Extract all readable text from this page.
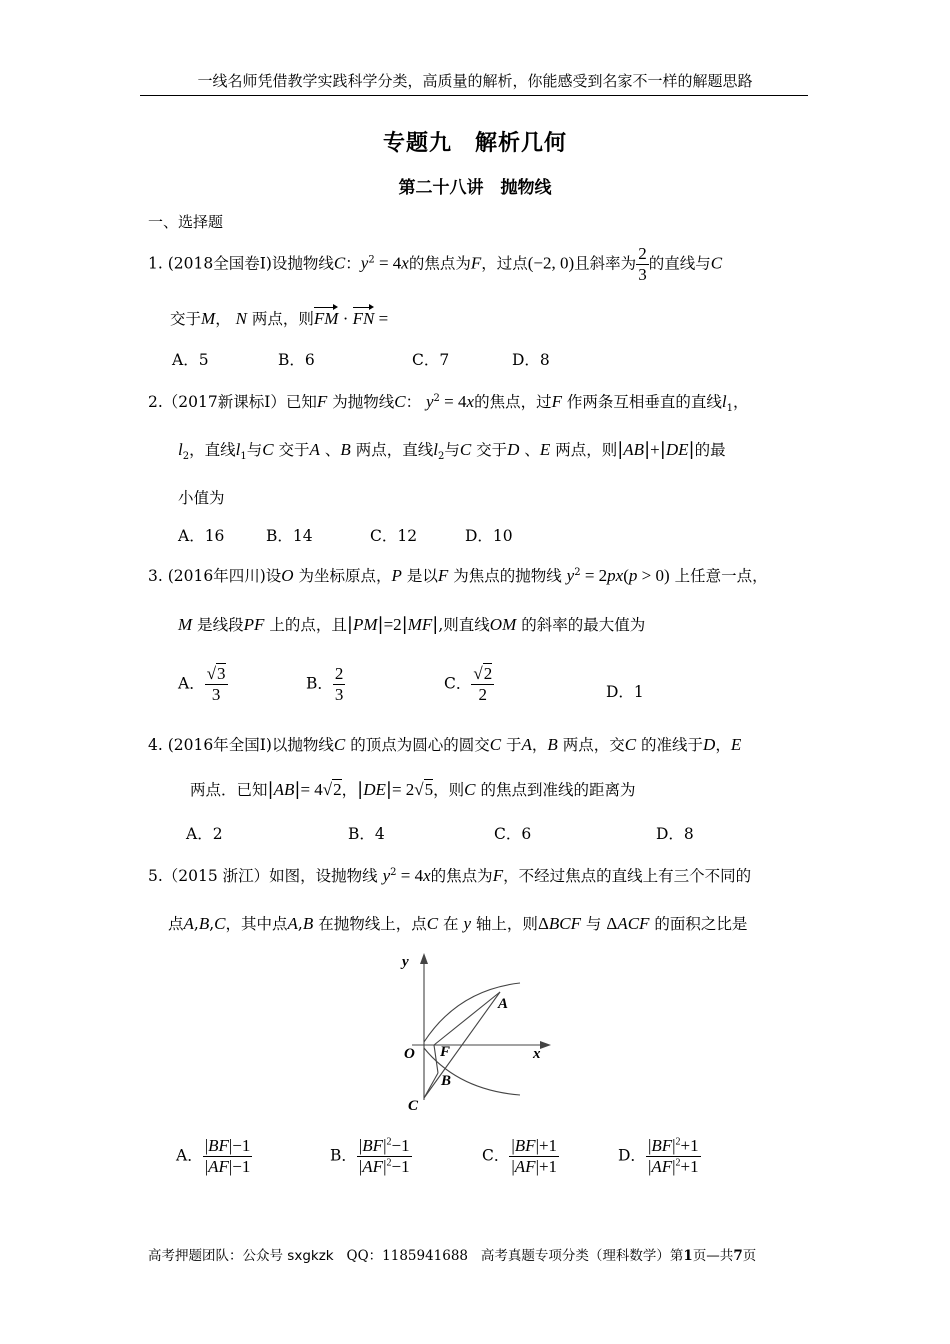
一线名师凭借教学实践科学分类，高质量的解析，你能感受到名家不一样的解题思路
专题九　解析几何
第二十八讲　抛物线
一、选择题
1. (2018全国卷Ⅰ)设抛物线C：$y^2 = 4x$的焦点为F，过点(−2, 0)且斜率为 $\frac{2}{3}$ 的直线与C
交于M， N 两点，则FM · FN =
A．5	B．6	C．7	D．8
2.（2017新课标Ⅰ）已知F 为抛物线C： $y^2 = 4x$的焦点，过F 作两条互相垂直的直线$l_1$，
$l_2$，直线$l_1$与C 交于A 、B 两点，直线$l_2$与C 交于D 、E 两点，则|AB|+|DE|的最
小值为
A．16	B．14	C．12	D．10
3. (2016年四川)设O 为坐标原点，P 是以F 为焦点的抛物线 $y^2 = 2px(p > 0)$ 上任意一点，
M 是线段PF 上的点，且|PM|=2|MF|,则直线OM 的斜率的最大值为
A． $\frac{√3}{3}$	B． $\frac{2}{3}$	C． $\frac{√2}{2}$	D．1
4. (2016年全国Ⅰ)以抛物线C 的顶点为圆心的圆交C 于A，B 两点，交C 的准线于D，E
两点．已知|AB|= 4√2，|DE|= 2√5，则C 的焦点到准线的距离为
A．2	B．4	C．6	D．8
5.（2015 浙江）如图，设抛物线 $y^2 = 4x$的焦点为F，不经过焦点的直线上有三个不同的
点A,B,C，其中点A,B 在抛物线上，点C 在 y 轴上，则ΔBCF 与 ΔACF 的面积之比是
y
x
O F
A
B
C
A． $\frac{|BF|-1}{|AF|-1}$	B． $\frac{|BF|^2-1}{|AF|^2-1}$	C． $\frac{|BF|+1}{|AF|+1}$	D． $\frac{|BF|^2+1}{|AF|^2+1}$
高考押题团队：公众号 sxgkzk QQ：1185941688 高考真题专项分类（理科数学）第1页—共7页
